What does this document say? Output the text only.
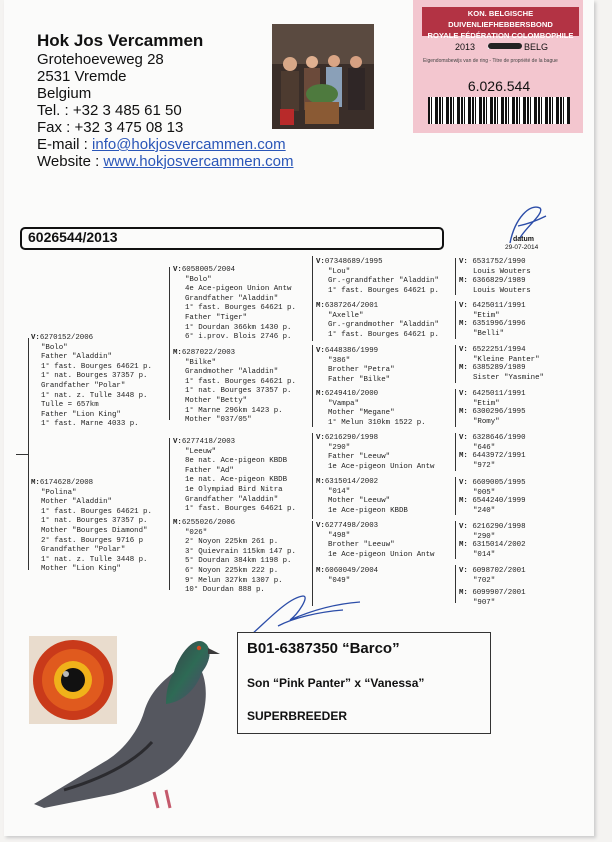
Hok Jos Vercammen
Grotehoeveweg 28
2531 Vremde
Belgium
Tel. : +32 3 485 61 50
Fax : +32 3 475 08 13
E-mail : info@hokjosvercammen.com
Website : www.hokjosvercammen.com
KON. BELGISCHE DUIVENLIEFHEBBERSBOND
ROYALE FÉDÉRATION COLOMBOPHILE
2013	BELG
Eigendomsbewijs van de ring - Titre de propriété de la bague
6.026.544
datum
29-07-2014
6026544/2013
V:6270152/2006
"Bolo"
Father "Aladdin"
1° fast. Bourges 64621 p.
1° nat. Bourges 37357 p.
Grandfather "Polar"
1° nat. z. Tulle 3448 p.
Tulle = 657km
Father "Lion King"
1° fast. Marne 4033 p.
M:6174628/2008
"Polina"
Mother "Aladdin"
1° fast. Bourges 64621 p.
1° nat. Bourges 37357 p.
Mother "Bourges Diamond"
2° fast. Bourges 9716 p
Grandfather "Polar"
1° nat. z. Tulle 3448 p.
Mother "Lion King"
V:6058005/2004
"Bolo"
4e Ace-pigeon Union Antw
Grandfather "Aladdin"
1° fast. Bourges 64621 p.
Father "Tiger"
1° Dourdan 366km 1430 p.
6° i.prov. Blois 2746 p.
M:6287022/2003
"Bilke"
Grandmother "Aladdin"
1° fast. Bourges 64621 p.
1° nat. Bourges 37357 p.
Mother "Betty"
1° Marne 296km 1423 p.
Mother "037/05"
V:6277418/2003
"Leeuw"
8e nat. Ace-pigeon KBDB
Father "Ad"
1e nat. Ace-pigeon KBDB
1e Olympiad Bird Nitra
Grandfather "Aladdin"
1° fast. Bourges 64621 p.
M:6255026/2006
"026"
2° Noyon 225km 261 p.
3° Quievrain 115km 147 p.
5° Dourdan 384km 1198 p.
6° Noyon 225km 222 p.
9° Melun 327km 1307 p.
10° Dourdan 888 p.
V:07348689/1995
"Lou"
Gr.-grandfather "Aladdin"
1° fast. Bourges 64621 p.
M:6387264/2001
"Axelle"
Gr.-grandmother "Aladdin"
1° fast. Bourges 64621 p.
V:6448386/1999
"386"
Brother "Petra"
Father "Bilke"
M:6249410/2000
"Vampa"
Mother "Megane"
1° Melun 310km 1522 p.
V:6216290/1998
"290"
Father "Leeuw"
1e Ace-pigeon Union Antw
M:6315014/2002
"014"
Mother "Leeuw"
1e Ace-pigeon KBDB
V:6277498/2003
"498"
Brother "Leeuw"
1e Ace-pigeon Union Antw
M:6060049/2004
"049"
V: 6531752/1990
Louis Wouters
M: 6366829/1989
Louis Wouters
V: 6425011/1991
"Etim"
M: 6351996/1996
"Belli"
V: 6522251/1994
"Kleine Panter"
M: 6385289/1989
Sister "Yasmine"
V: 6425011/1991
"Etim"
M: 6300296/1995
"Romy"
V: 6328646/1990
"646"
M: 6443972/1991
"972"
V: 6609005/1995
"005"
M: 6544240/1999
"240"
V: 6216290/1998
"290"
M: 6315014/2002
"014"
V: 6098702/2001
"702"
M: 6099907/2001
"907"
B01-6387350 “Barco”
Son “Pink Panter” x “Vanessa”
SUPERBREEDER
